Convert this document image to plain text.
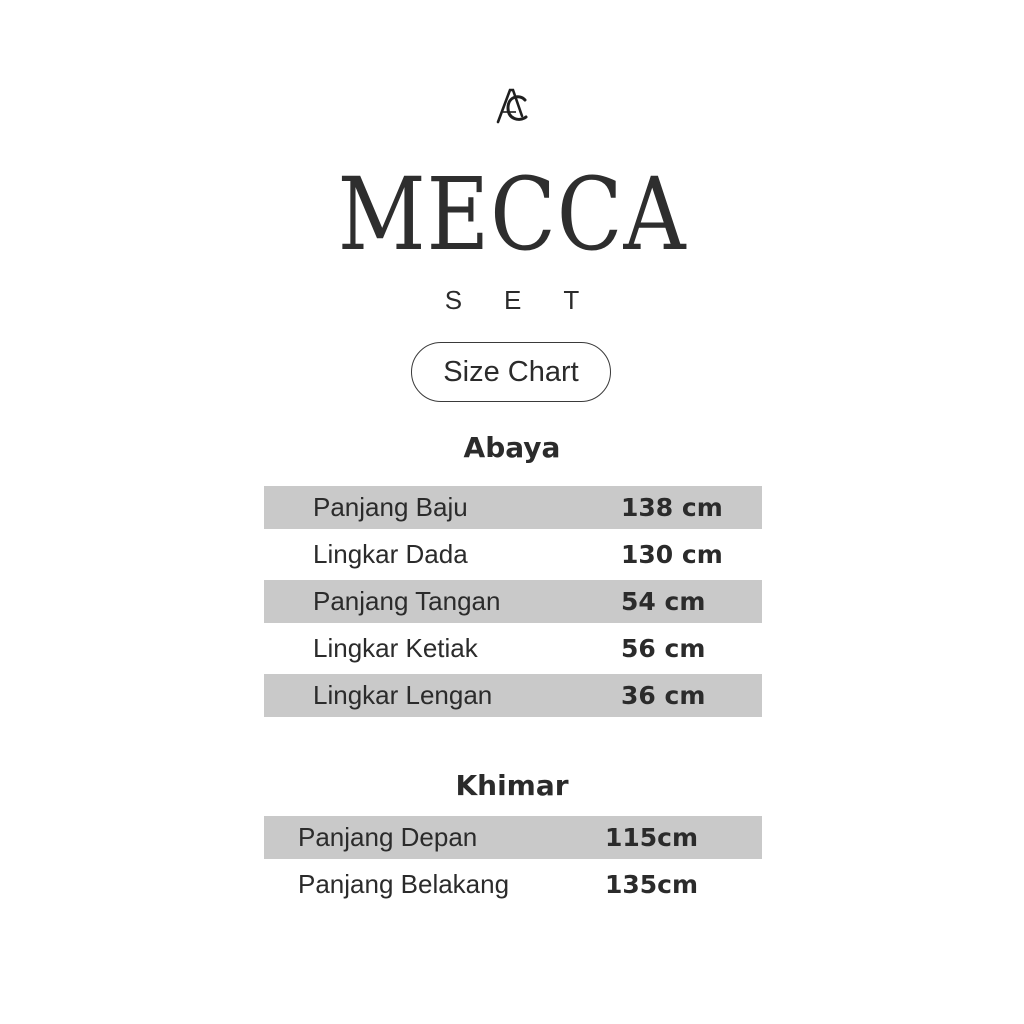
MECCA
SET
Size Chart
Abaya
Panjang Baju	138 cm
Lingkar Dada	130 cm
Panjang Tangan	54 cm
Lingkar Ketiak	56 cm
Lingkar Lengan	36 cm
Khimar
Panjang Depan	115cm
Panjang Belakang	135cm
